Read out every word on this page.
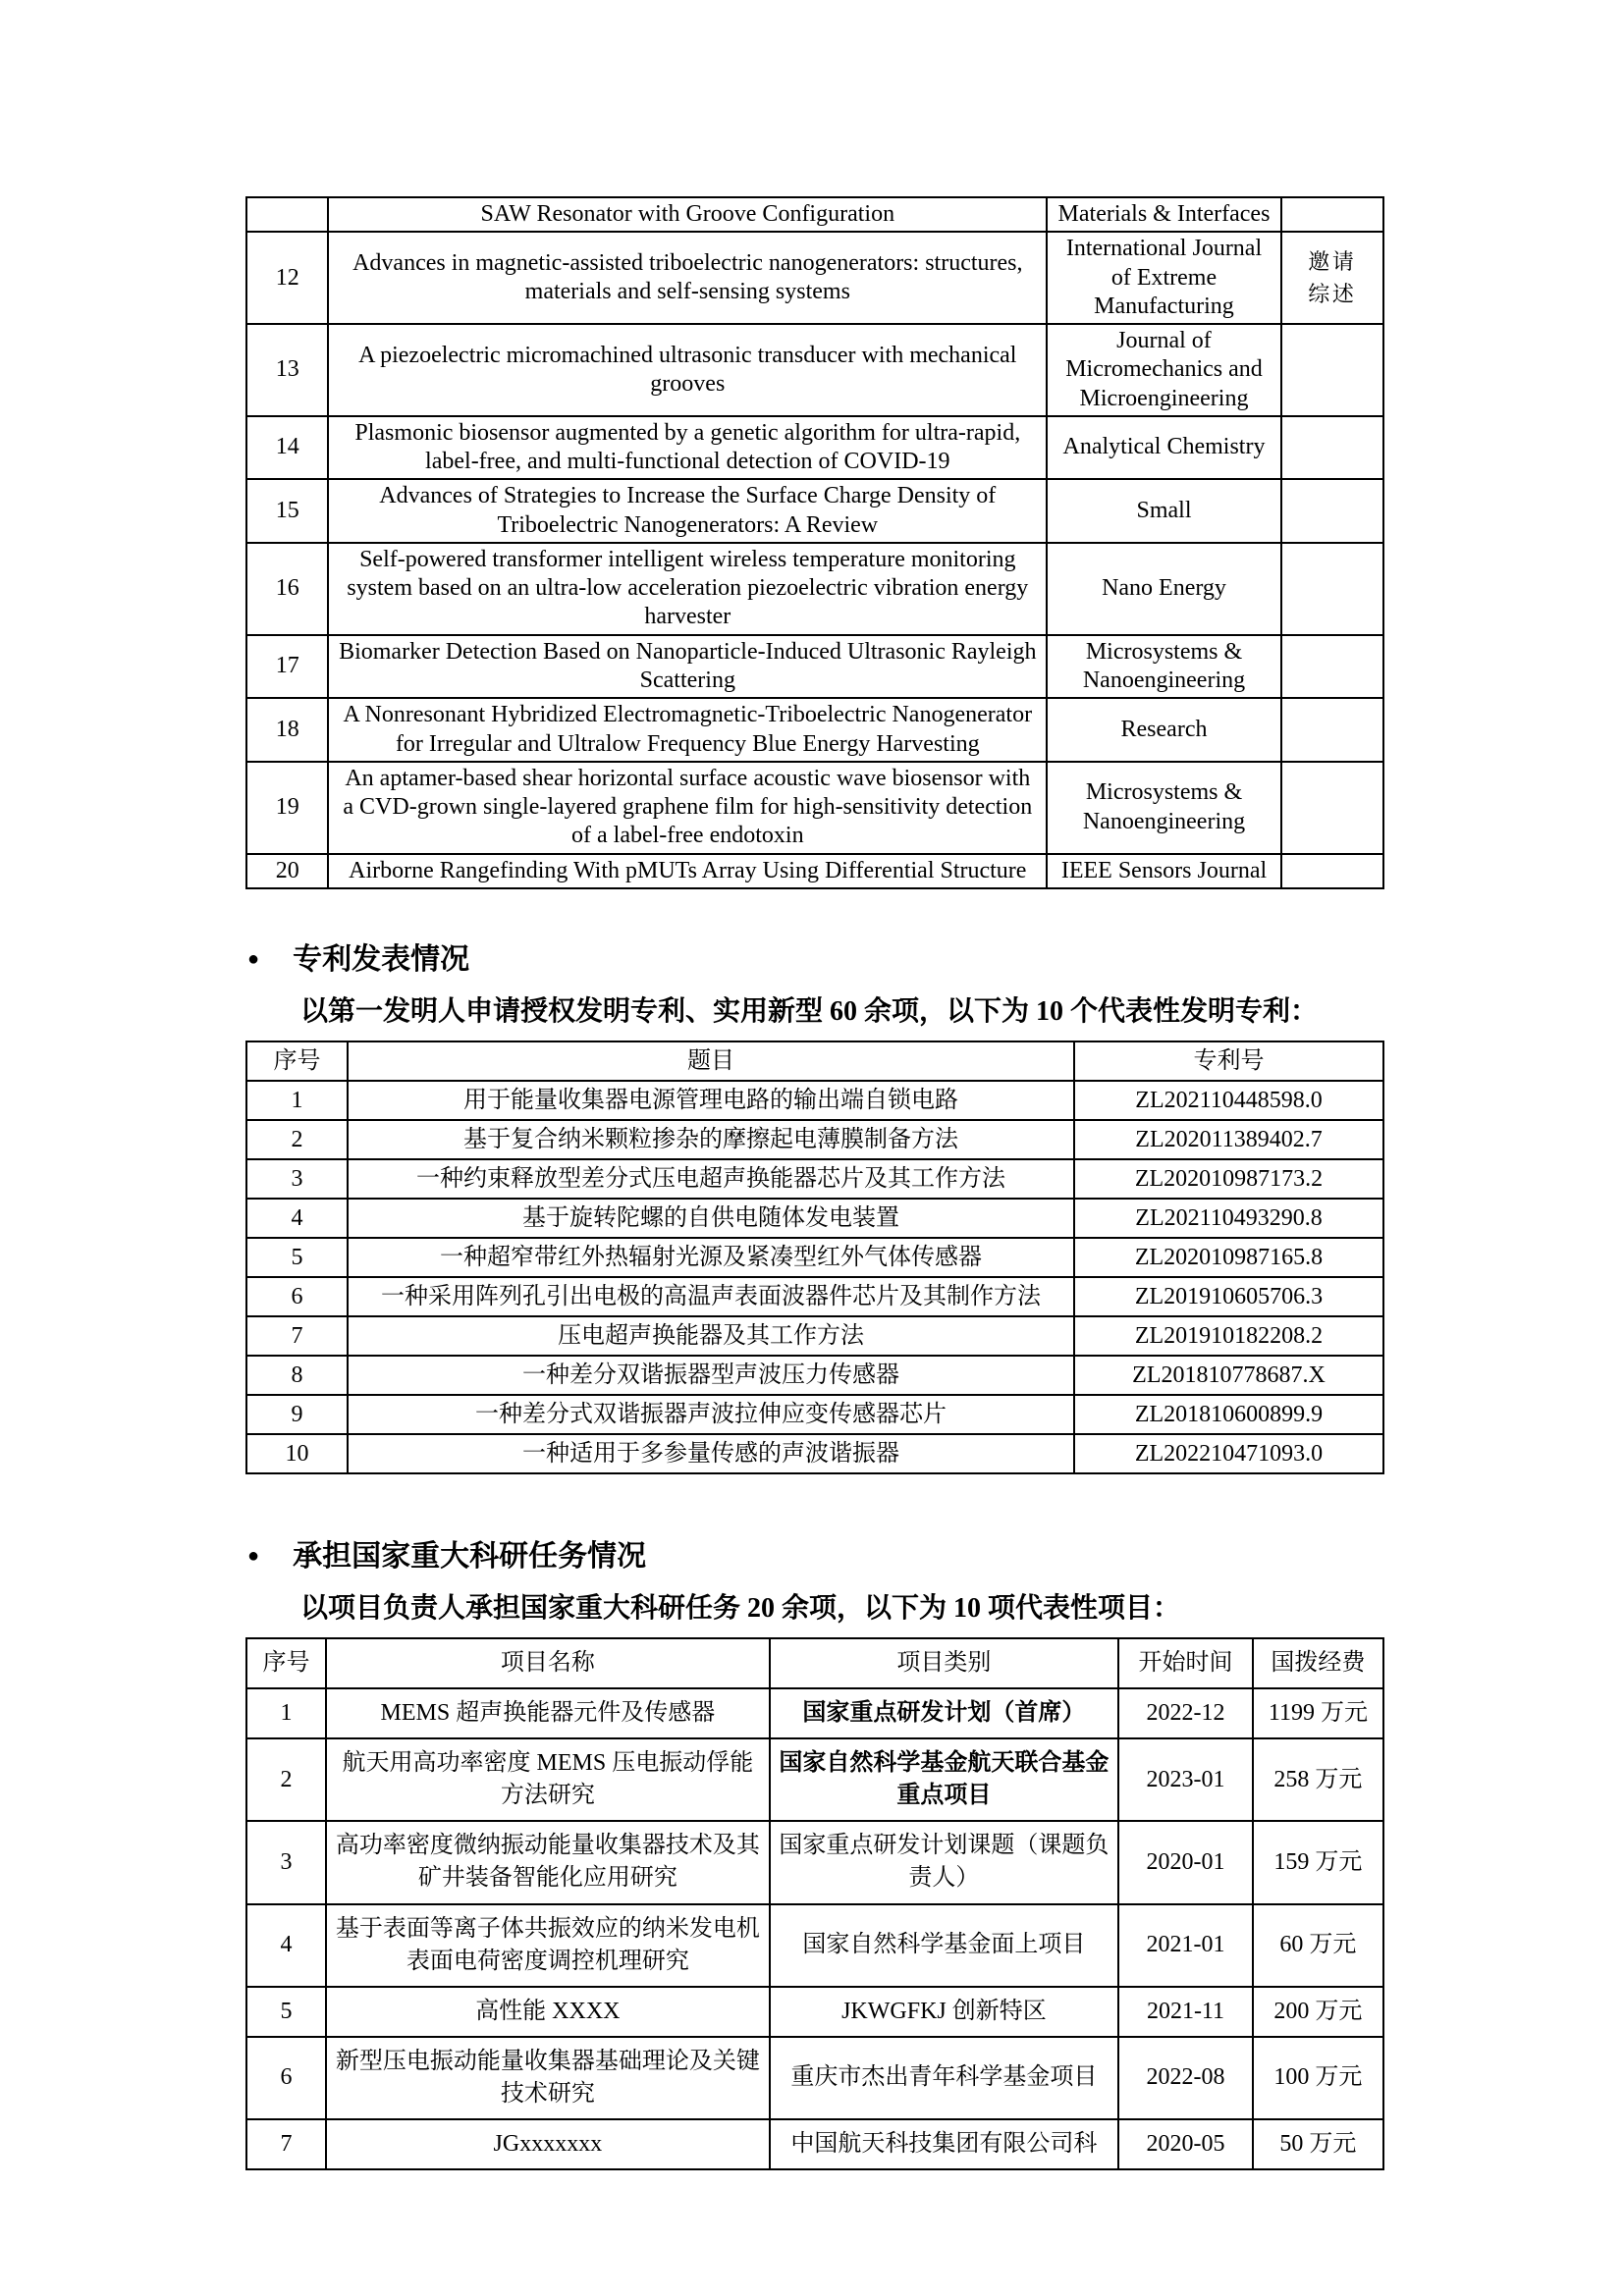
	SAW Resonator with Groove Configuration	Materials & Interfaces	
12	Advances in magnetic-assisted triboelectric nanogenerators: structures, materials and self-sensing systems	International Journal of Extreme Manufacturing	邀请综述
13	A piezoelectric micromachined ultrasonic transducer with mechanical grooves	Journal of Micromechanics and Microengineering	
14	Plasmonic biosensor augmented by a genetic algorithm for ultra-rapid, label-free, and multi-functional detection of COVID-19	Analytical Chemistry	
15	Advances of Strategies to Increase the Surface Charge Density of Triboelectric Nanogenerators: A Review	Small	
16	Self-powered transformer intelligent wireless temperature monitoring system based on an ultra-low acceleration piezoelectric vibration energy harvester	Nano Energy	
17	Biomarker Detection Based on Nanoparticle-Induced Ultrasonic Rayleigh Scattering	Microsystems & Nanoengineering	
18	A Nonresonant Hybridized Electromagnetic-Triboelectric Nanogenerator for Irregular and Ultralow Frequency Blue Energy Harvesting	Research	
19	An aptamer-based shear horizontal surface acoustic wave biosensor with a CVD-grown single-layered graphene film for high-sensitivity detection of a label-free endotoxin	Microsystems & Nanoengineering	
20	Airborne Rangefinding With pMUTs Array Using Differential Structure	IEEE Sensors Journal	
● 专利发表情况
以第一发明人申请授权发明专利、实用新型 60 余项，以下为 10 个代表性发明专利：
序号	题目	专利号
1	用于能量收集器电源管理电路的输出端自锁电路	ZL202110448598.0
2	基于复合纳米颗粒掺杂的摩擦起电薄膜制备方法	ZL202011389402.7
3	一种约束释放型差分式压电超声换能器芯片及其工作方法	ZL202010987173.2
4	基于旋转陀螺的自供电随体发电装置	ZL202110493290.8
5	一种超窄带红外热辐射光源及紧凑型红外气体传感器	ZL202010987165.8
6	一种采用阵列孔引出电极的高温声表面波器件芯片及其制作方法	ZL201910605706.3
7	压电超声换能器及其工作方法	ZL201910182208.2
8	一种差分双谐振器型声波压力传感器	ZL201810778687.X
9	一种差分式双谐振器声波拉伸应变传感器芯片	ZL201810600899.9
10	一种适用于多参量传感的声波谐振器	ZL202210471093.0
● 承担国家重大科研任务情况
以项目负责人承担国家重大科研任务 20 余项，以下为 10 项代表性项目：
序号	项目名称	项目类别	开始时间	国拨经费
1	MEMS 超声换能器元件及传感器	国家重点研发计划（首席）	2022-12	1199 万元
2	航天用高功率密度 MEMS 压电振动俘能方法研究	国家自然科学基金航天联合基金重点项目	2023-01	258 万元
3	高功率密度微纳振动能量收集器技术及其矿井装备智能化应用研究	国家重点研发计划课题（课题负责人）	2020-01	159 万元
4	基于表面等离子体共振效应的纳米发电机表面电荷密度调控机理研究	国家自然科学基金面上项目	2021-01	60 万元
5	高性能 XXXX	JKWGFKJ 创新特区	2021-11	200 万元
6	新型压电振动能量收集器基础理论及关键技术研究	重庆市杰出青年科学基金项目	2022-08	100 万元
7	JGxxxxxxx	中国航天科技集团有限公司科	2020-05	50 万元
